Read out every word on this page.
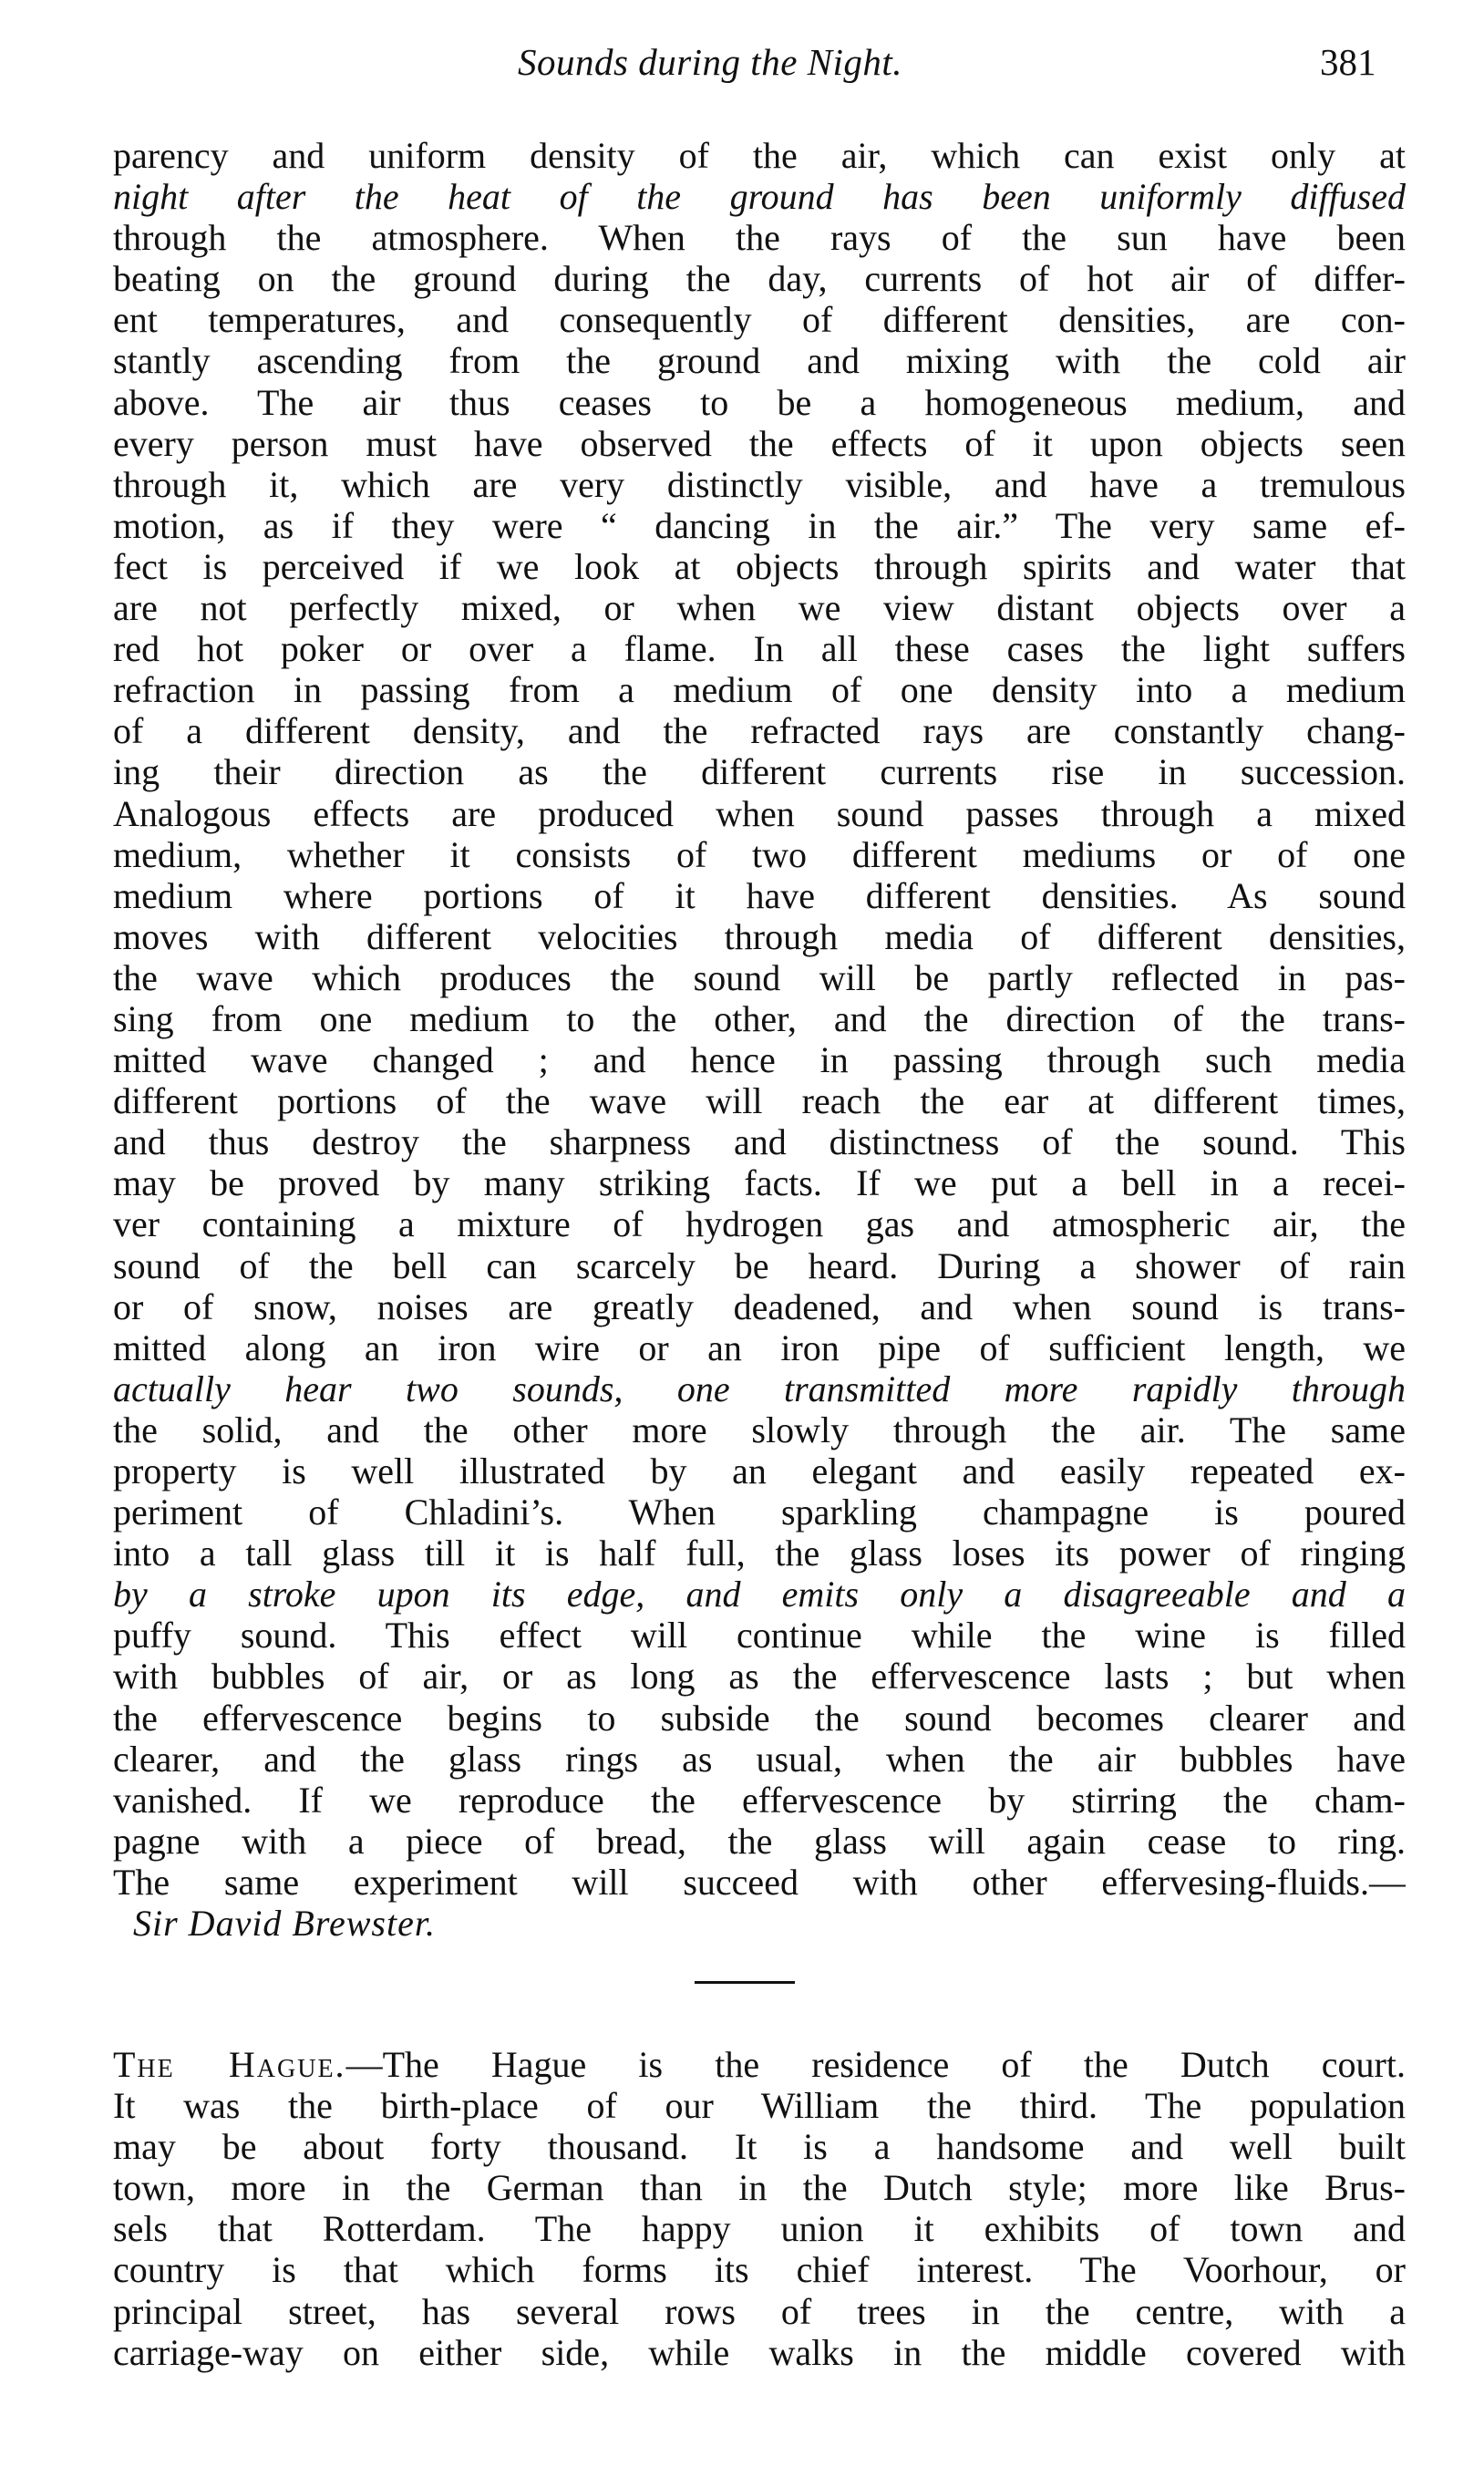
Sounds during the Night.	381
parency and uniform density of the air, which can exist only at
night after the heat of the ground has been uniformly diffused
through the atmosphere. When the rays of the sun have been
beating on the ground during the day, currents of hot air of differ-
ent temperatures, and consequently of different densities, are con-
stantly ascending from the ground and mixing with the cold air
above. The air thus ceases to be a homogeneous medium, and
every person must have observed the effects of it upon objects seen
through it, which are very distinctly visible, and have a tremulous
motion, as if they were “ dancing in the air.” The very same ef-
fect is perceived if we look at objects through spirits and water that
are not perfectly mixed, or when we view distant objects over a
red hot poker or over a flame. In all these cases the light suffers
refraction in passing from a medium of one density into a medium
of a different density, and the refracted rays are constantly chang-
ing their direction as the different currents rise in succession.
Analogous effects are produced when sound passes through a mixed
medium, whether it consists of two different mediums or of one
medium where portions of it have different densities. As sound
moves with different velocities through media of different densities,
the wave which produces the sound will be partly reflected in pas-
sing from one medium to the other, and the direction of the trans-
mitted wave changed ; and hence in passing through such media
different portions of the wave will reach the ear at different times,
and thus destroy the sharpness and distinctness of the sound. This
may be proved by many striking facts. If we put a bell in a recei-
ver containing a mixture of hydrogen gas and atmospheric air, the
sound of the bell can scarcely be heard. During a shower of rain
or of snow, noises are greatly deadened, and when sound is trans-
mitted along an iron wire or an iron pipe of sufficient length, we
actually hear two sounds, one transmitted more rapidly through
the solid, and the other more slowly through the air. The same
property is well illustrated by an elegant and easily repeated ex-
periment of Chladini’s. When sparkling champagne is poured
into a tall glass till it is half full, the glass loses its power of ringing
by a stroke upon its edge, and emits only a disagreeable and a
puffy sound. This effect will continue while the wine is filled
with bubbles of air, or as long as the effervescence lasts ; but when
the effervescence begins to subside the sound becomes clearer and
clearer, and the glass rings as usual, when the air bubbles have
vanished. If we reproduce the effervescence by stirring the cham-
pagne with a piece of bread, the glass will again cease to ring.
The same experiment will succeed with other effervesing-fluids.—
Sir David Brewster.
The Hague.—The Hague is the residence of the Dutch court.
It was the birth-place of our William the third. The population
may be about forty thousand. It is a handsome and well built
town, more in the German than in the Dutch style; more like Brus-
sels that Rotterdam. The happy union it exhibits of town and
country is that which forms its chief interest. The Voorhour, or
principal street, has several rows of trees in the centre, with a
carriage-way on either side, while walks in the middle covered with
